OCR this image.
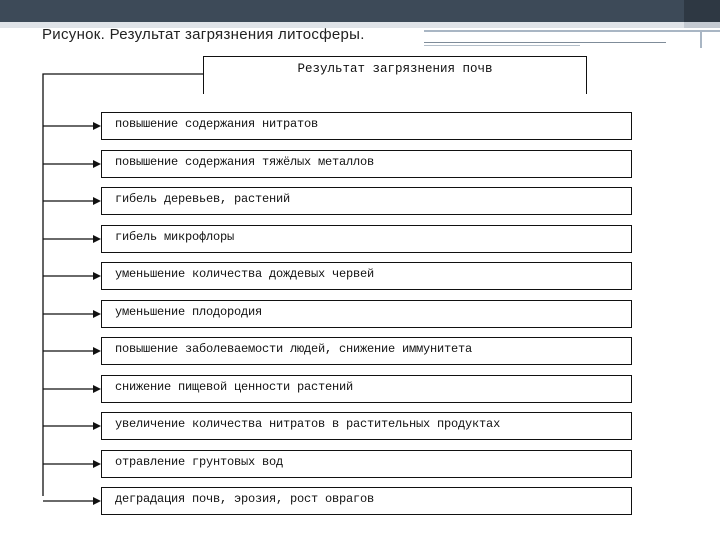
Рисунок. Результат загрязнения литосферы.
Результат загрязнения почв
повышение содержания нитратов
повышение содержания тяжёлых металлов
гибель деревьев, растений
гибель микрофлоры
уменьшение количества дождевых червей
уменьшение плодородия
повышение заболеваемости людей, снижение иммунитета
снижение пищевой ценности растений
увеличение количества нитратов в растительных продуктах
отравление грунтовых вод
деградация почв, эрозия, рост оврагов
